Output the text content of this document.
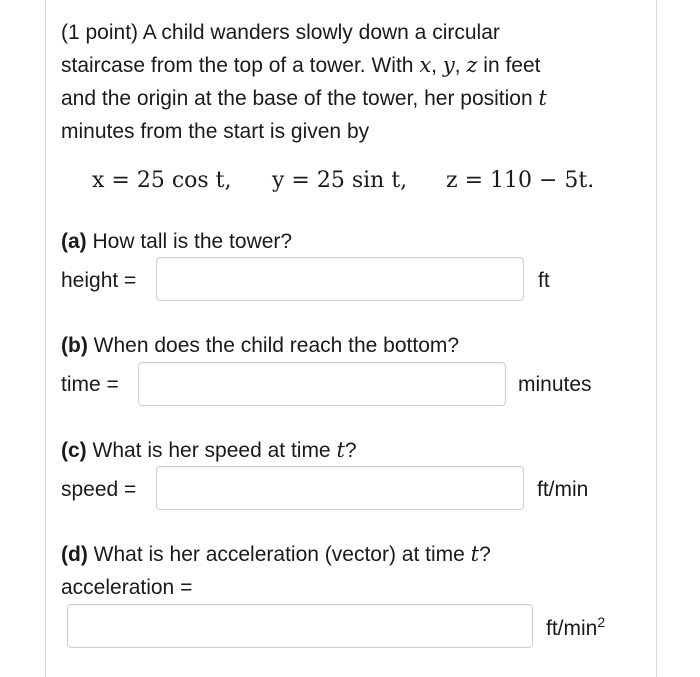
(1 point) A child wanders slowly down a circular
staircase from the top of a tower. With x, y, z in feet
and the origin at the base of the tower, her position t
minutes from the start is given by
x = 25 cos t, y = 25 sin t, z = 110 − 5t.
(a) How tall is the tower?
height =	ft
(b) When does the child reach the bottom?
time =	minutes
(c) What is her speed at time t?
speed =	ft/min
(d) What is her acceleration (vector) at time t?
acceleration =
$ft/\min^2$
